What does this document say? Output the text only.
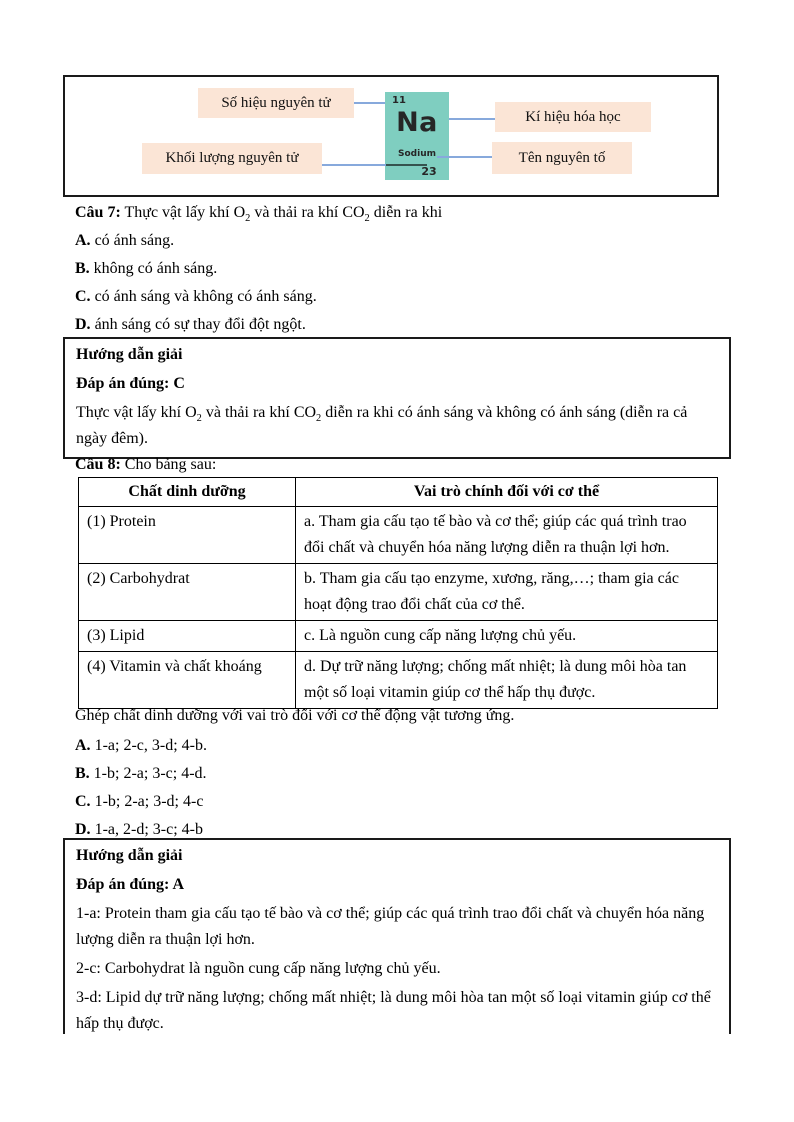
Số hiệu nguyên tử
Kí hiệu hóa học
Khối lượng nguyên tử	Tên nguyên tố
11
Na
Sodium
23

Câu 7: Thực vật lấy khí $O_2$ và thải ra khí $CO_2$ diễn ra khi

A. có ánh sáng.

B. không có ánh sáng.

C. có ánh sáng và không có ánh sáng.

D. ánh sáng có sự thay đổi đột ngột.

Hướng dẫn giải

Đáp án đúng: C

Thực vật lấy khí $O_2$ và thải ra khí $CO_2$ diễn ra khi có ánh sáng và không có ánh sáng (diễn ra cả ngày đêm).

Câu 8: Cho bảng sau:

Chất dinh dưỡng	Vai trò chính đối với cơ thể
(1) Protein	a. Tham gia cấu tạo tế bào và cơ thể; giúp các quá trình trao đổi chất và chuyển hóa năng lượng diễn ra thuận lợi hơn.
(2) Carbohydrat	b. Tham gia cấu tạo enzyme, xương, răng,…; tham gia các hoạt động trao đổi chất của cơ thể.
(3) Lipid	c. Là nguồn cung cấp năng lượng chủ yếu.
(4) Vitamin và chất khoáng	d. Dự trữ năng lượng; chống mất nhiệt; là dung môi hòa tan một số loại vitamin giúp cơ thể hấp thụ được.

Ghép chất dinh dưỡng với vai trò đối với cơ thể động vật tương ứng.

A. 1-a; 2-c, 3-d; 4-b.

B. 1-b; 2-a; 3-c; 4-d.

C. 1-b; 2-a; 3-d; 4-c

D. 1-a, 2-d; 3-c; 4-b

Hướng dẫn giải

Đáp án đúng: A

1-a: Protein tham gia cấu tạo tế bào và cơ thể; giúp các quá trình trao đổi chất và chuyển hóa năng lượng diễn ra thuận lợi hơn.

2-c: Carbohydrat là nguồn cung cấp năng lượng chủ yếu.

3-d: Lipid dự trữ năng lượng; chống mất nhiệt; là dung môi hòa tan một số loại vitamin giúp cơ thể hấp thụ được.
